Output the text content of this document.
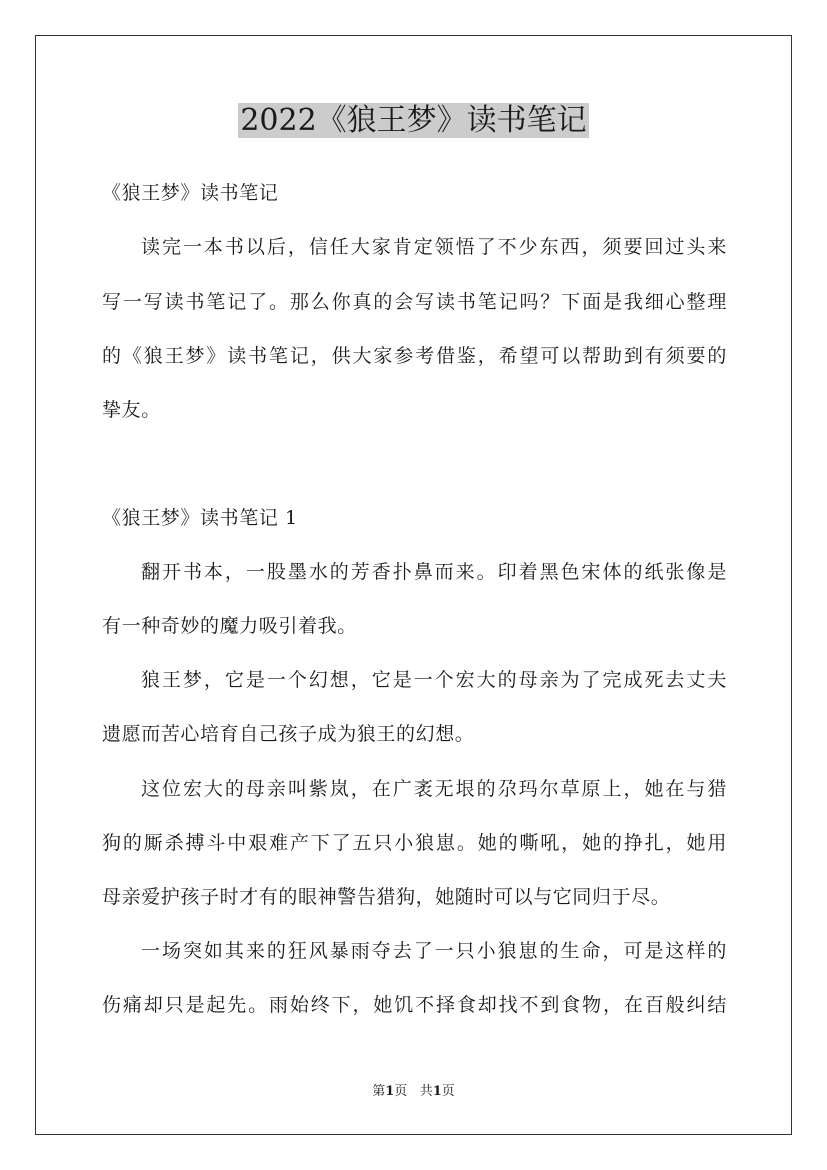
2022《狼王梦》读书笔记
《狼王梦》读书笔记
读完一本书以后，信任大家肯定领悟了不少东西，须要回过头来
写一写读书笔记了。那么你真的会写读书笔记吗？下面是我细心整理
的《狼王梦》读书笔记，供大家参考借鉴，希望可以帮助到有须要的
挚友。
《狼王梦》读书笔记 1
翻开书本，一股墨水的芳香扑鼻而来。印着黑色宋体的纸张像是
有一种奇妙的魔力吸引着我。
狼王梦，它是一个幻想，它是一个宏大的母亲为了完成死去丈夫
遗愿而苦心培育自己孩子成为狼王的幻想。
这位宏大的母亲叫紫岚，在广袤无垠的尕玛尔草原上，她在与猎
狗的厮杀搏斗中艰难产下了五只小狼崽。她的嘶吼，她的挣扎，她用
母亲爱护孩子时才有的眼神警告猎狗，她随时可以与它同归于尽。
一场突如其来的狂风暴雨夺去了一只小狼崽的生命，可是这样的
伤痛却只是起先。雨始终下，她饥不择食却找不到食物，在百般纠结
第1页   共1页
